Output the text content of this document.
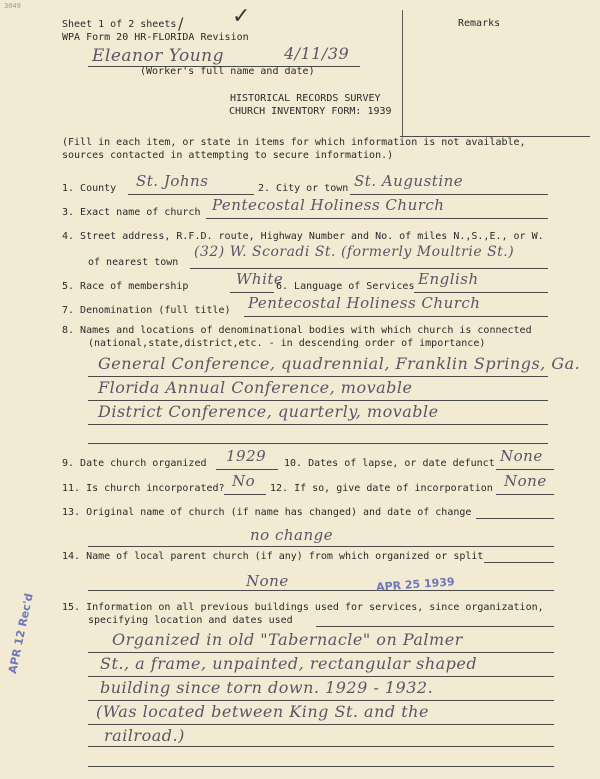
3049
Sheet 1 of 2 sheets
WPA Form 20 HR-FLORIDA Revision
✓
/	Remarks
Eleanor Young	4/11/39
(Worker's full name and date)
HISTORICAL RECORDS SURVEY
CHURCH INVENTORY FORM: 1939
(Fill in each item, or state in items for which information is not available,
sources contacted in attempting to secure information.)
1. County St. Johns	2. City or town St. Augustine
3. Exact name of church Pentecostal Holiness Church
4. Street address, R.F.D. route, Highway Number and No. of miles N.,S.,E., or W.
of nearest town
(32) W. Scoradi St. (formerly Moultrie St.)
5. Race of membership	White
6. Language of Services English
7. Denomination (full title) Pentecostal Holiness Church
8. Names and locations of denominational bodies with which church is connected
(national,state,district,etc. - in descending order of importance)
General Conference, quadrennial, Franklin Springs, Ga.
Florida Annual Conference, movable
District Conference, quarterly, movable
9. Date church organized 1929 10. Dates of lapse, or date defunct None
11. Is church incorporated? No 12. If so, give date of incorporation None
13. Original name of church (if name has changed) and date of change
no change
14. Name of local parent church (if any) from which organized or split
None
15. Information on all previous buildings used for services, since organization,
specifying location and dates used
Organized in old "Tabernacle" on Palmer
St., a frame, unpainted, rectangular shaped
building since torn down. 1929 - 1932.
(Was located between King St. and the
railroad.)
APR 25 1939
APR 12 Rec'd
